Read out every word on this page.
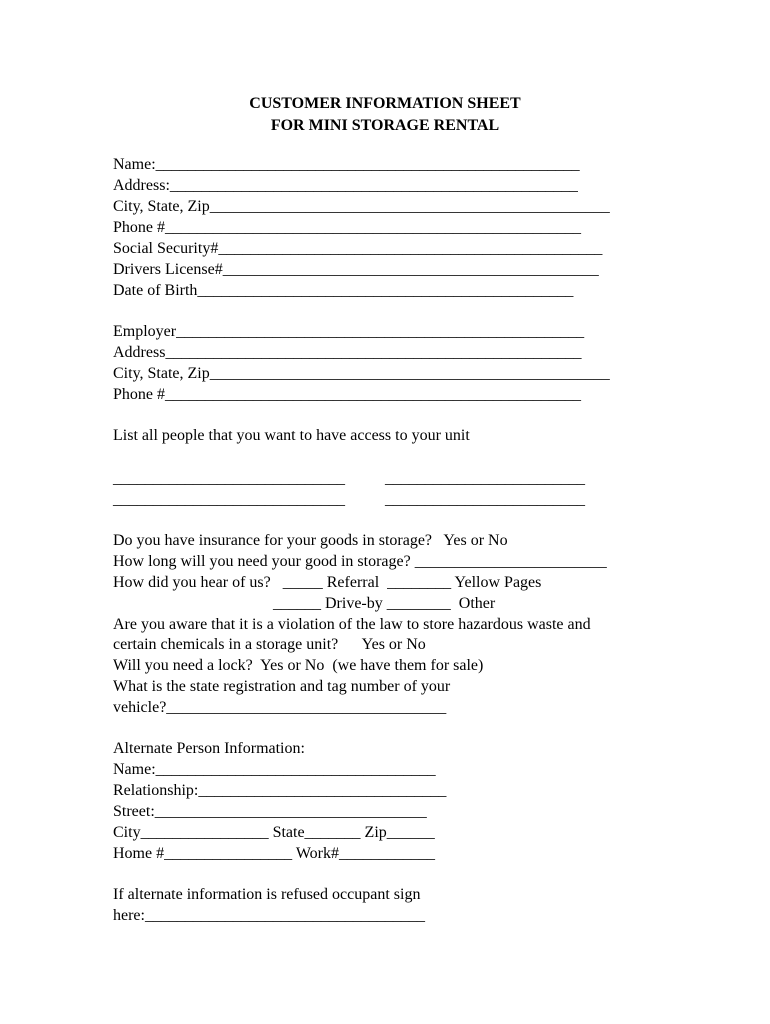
CUSTOMER INFORMATION SHEET
FOR MINI STORAGE RENTAL
Name:_____________________________________________________
Address:___________________________________________________
City, State, Zip__________________________________________________
Phone #____________________________________________________
Social Security#________________________________________________
Drivers License#_______________________________________________
Date of Birth_______________________________________________
Employer___________________________________________________
Address____________________________________________________
City, State, Zip__________________________________________________
Phone #____________________________________________________
List all people that you want to have access to your unit
_____________________________          _________________________
_____________________________          _________________________
Do you have insurance for your goods in storage?   Yes or No
How long will you need your good in storage? ________________________
How did you hear of us?   _____ Referral  ________ Yellow Pages
______ Drive-by ________  Other
Are you aware that it is a violation of the law to store hazardous waste and
certain chemicals in a storage unit?      Yes or No
Will you need a lock?  Yes or No  (we have them for sale)
What is the state registration and tag number of your
vehicle?___________________________________
Alternate Person Information:
Name:___________________________________
Relationship:_______________________________
Street:__________________________________
City________________ State_______ Zip______
Home #________________ Work#____________
If alternate information is refused occupant sign
here:___________________________________
